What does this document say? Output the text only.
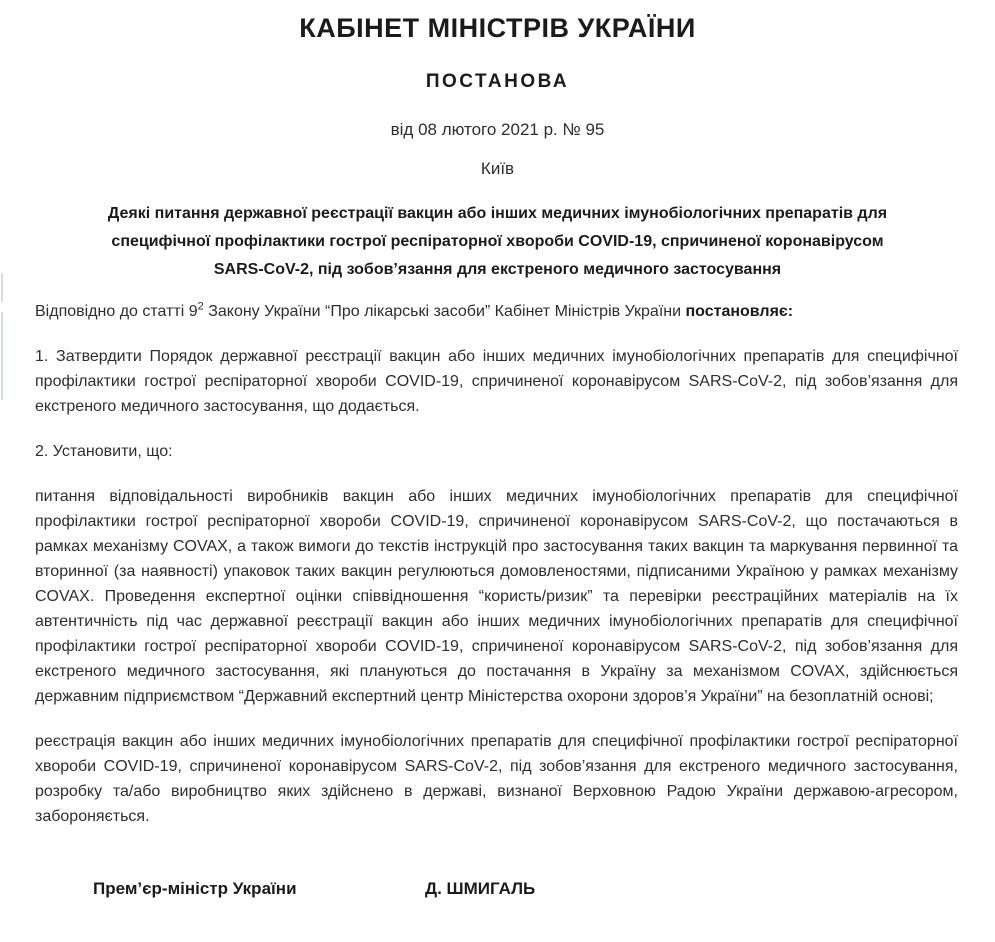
КАБІНЕТ МІНІСТРІВ УКРАЇНИ
ПОСТАНОВА
від 08 лютого 2021 р. № 95
Київ
Деякі питання державної реєстрації вакцин або інших медичних імунобіологічних препаратів для специфічної профілактики гострої респіраторної хвороби COVID-19, спричиненої коронавірусом SARS-CoV-2, під зобов’язання для екстреного медичного застосування

Відповідно до статті $9^2$ Закону України “Про лікарські засоби” Кабінет Міністрів України постановляє:

1. Затвердити Порядок державної реєстрації вакцин або інших медичних імунобіологічних препаратів для специфічної профілактики гострої респіраторної хвороби COVID-19, спричиненої коронавірусом SARS-CoV-2, під зобов’язання для екстреного медичного застосування, що додається.

2. Установити, що:

питання відповідальності виробників вакцин або інших медичних імунобіологічних препаратів для специфічної профілактики гострої респіраторної хвороби COVID-19, спричиненої коронавірусом SARS-CoV-2, що постачаються в рамках механізму COVAX, а також вимоги до текстів інструкцій про застосування таких вакцин та маркування первинної та вторинної (за наявності) упаковок таких вакцин регулюються домовленостями, підписаними Україною у рамках механізму COVAX. Проведення експертної оцінки співвідношення “користь/ризик” та перевірки реєстраційних матеріалів на їх автентичність під час державної реєстрації вакцин або інших медичних імунобіологічних препаратів для специфічної профілактики гострої респіраторної хвороби COVID-19, спричиненої коронавірусом SARS-CoV-2, під зобов’язання для екстреного медичного застосування, які плануються до постачання в Україну за механізмом COVAX, здійснюється державним підприємством “Державний експертний центр Міністерства охорони здоров’я України” на безоплатній основі;

реєстрація вакцин або інших медичних імунобіологічних препаратів для специфічної профілактики гострої респіраторної хвороби COVID-19, спричиненої коронавірусом SARS-CoV-2, під зобов’язання для екстреного медичного застосування, розробку та/або виробництво яких здійснено в державі, визнаної Верховною Радою України державою-агресором, забороняється.

Прем’єр-міністр України	Д. ШМИГАЛЬ
